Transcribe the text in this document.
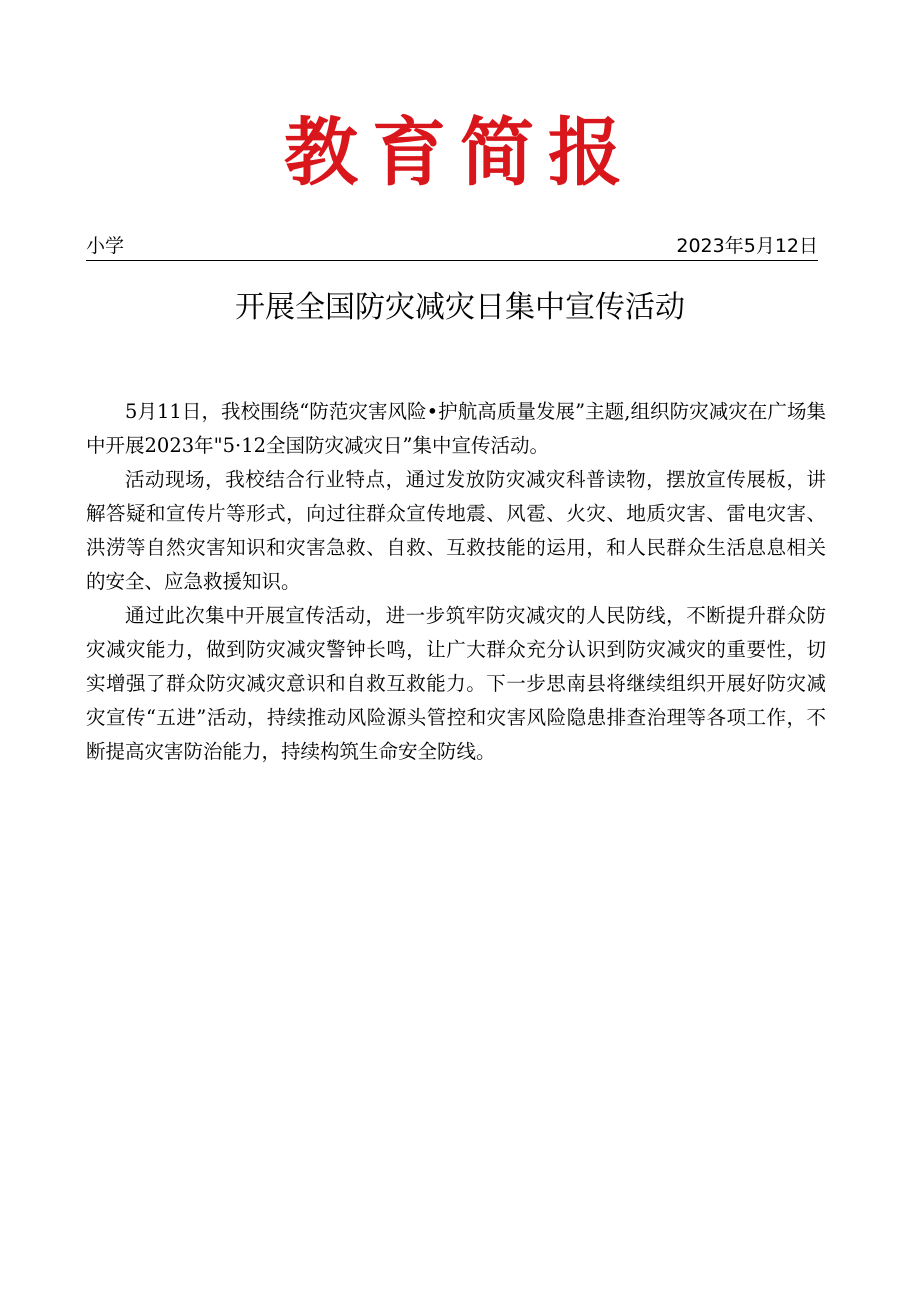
教育简报
小学	2023年5月12日
开展全国防灾减灾日集中宣传活动

5月11日，我校围绕“防范灾害风险•护航高质量发展”主题,组织防灾减灾在广场集中开展2023年"5·12全国防灾减灾日”集中宣传活动。

活动现场，我校结合行业特点，通过发放防灾减灾科普读物，摆放宣传展板，讲解答疑和宣传片等形式，向过往群众宣传地震、风雹、火灾、地质灾害、雷电灾害、洪涝等自然灾害知识和灾害急救、自救、互救技能的运用，和人民群众生活息息相关的安全、应急救援知识。

通过此次集中开展宣传活动，进一步筑牢防灾减灾的人民防线，不断提升群众防灾减灾能力，做到防灾减灾警钟长鸣，让广大群众充分认识到防灾减灾的重要性，切实增强了群众防灾减灾意识和自救互救能力。下一步思南县将继续组织开展好防灾减灾宣传“五进”活动，持续推动风险源头管控和灾害风险隐患排查治理等各项工作，不断提高灾害防治能力，持续构筑生命安全防线。
